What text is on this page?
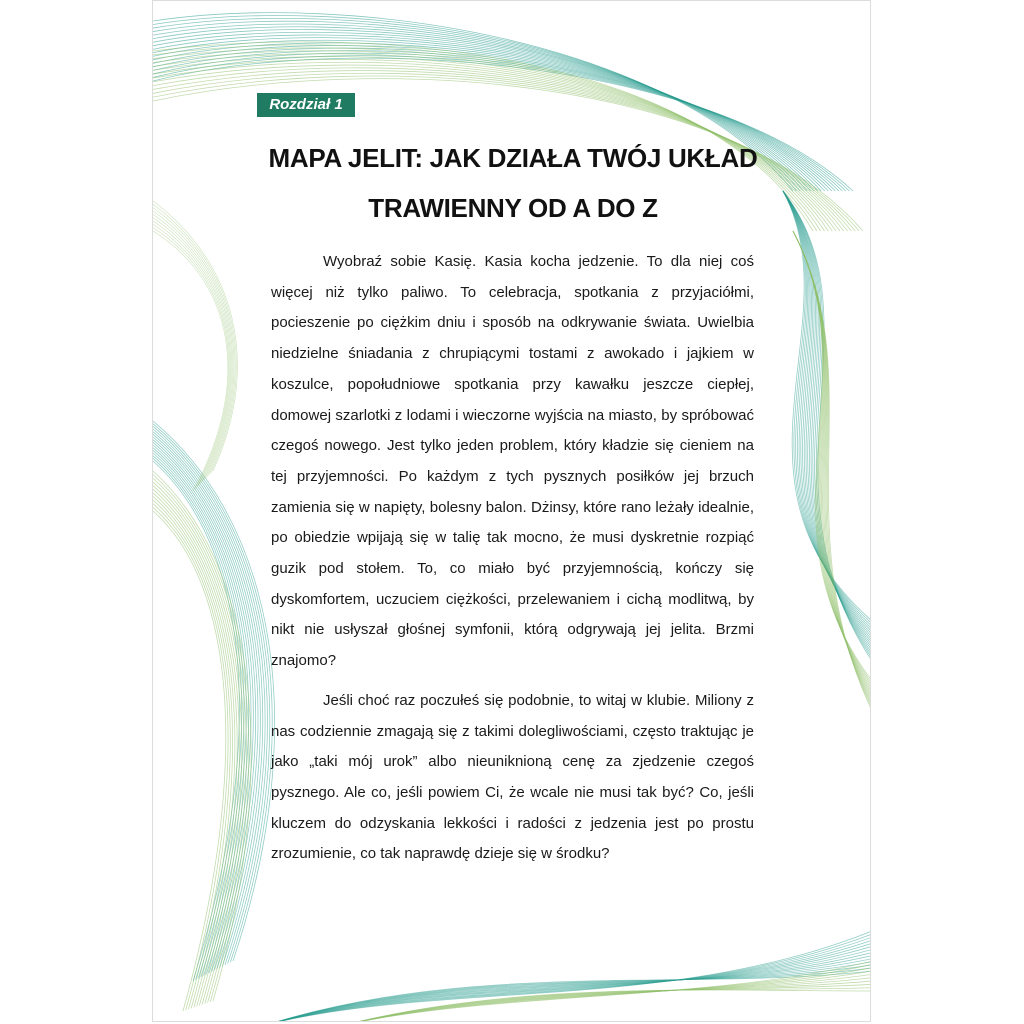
Rozdział 1
MAPA JELIT: JAK DZIAŁA TWÓJ UKŁAD
TRAWIENNY OD A DO Z

Wyobraź sobie Kasię. Kasia kocha jedzenie. To dla niej coś więcej niż tylko paliwo. To celebracja, spotkania z przyjaciółmi, pocieszenie po ciężkim dniu i sposób na odkrywanie świata. Uwielbia niedzielne śniadania z chrupiącymi tostami z awokado i jajkiem w koszulce, popołudniowe spotkania przy kawałku jeszcze ciepłej, domowej szarlotki z lodami i wieczorne wyjścia na miasto, by spróbować czegoś nowego. Jest tylko jeden problem, który kładzie się cieniem na tej przyjemności. Po każdym z tych pysznych posiłków jej brzuch zamienia się w napięty, bolesny balon. Dżinsy, które rano leżały idealnie, po obiedzie wpijają się w talię tak mocno, że musi dyskretnie rozpiąć guzik pod stołem. To, co miało być przyjemnością, kończy się dyskomfortem, uczuciem ciężkości, przelewaniem i cichą modlitwą, by nikt nie usłyszał głośnej symfonii, którą odgrywają jej jelita. Brzmi znajomo?

Jeśli choć raz poczułeś się podobnie, to witaj w klubie. Miliony z nas codziennie zmagają się z takimi dolegliwościami, często traktując je jako „taki mój urok” albo nieuniknioną cenę za zjedzenie czegoś pysznego. Ale co, jeśli powiem Ci, że wcale nie musi tak być? Co, jeśli kluczem do odzyskania lekkości i radości z jedzenia jest po prostu zrozumienie, co tak naprawdę dzieje się w środku?
